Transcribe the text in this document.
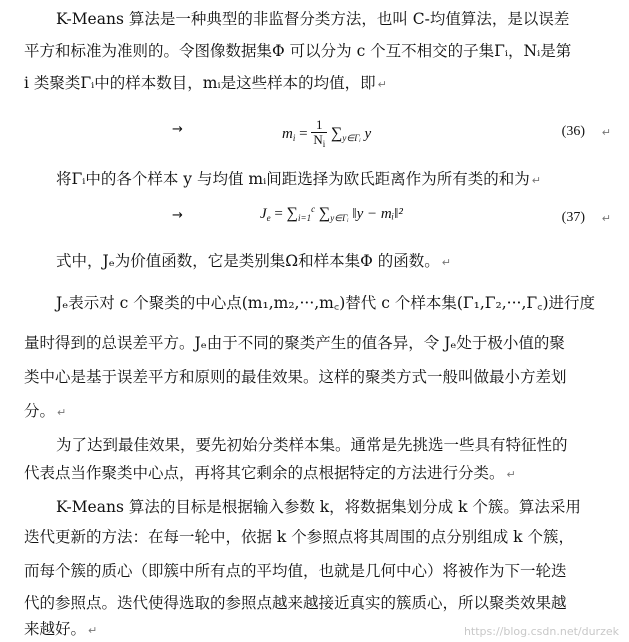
K-Means 算法是一种典型的非监督分类方法，也叫 C-均值算法，是以误差
平方和标准为准则的。令图像数据集Φ 可以分为 c 个互不相交的子集Γᵢ，Nᵢ是第
i 类聚类Γᵢ中的样本数目，mᵢ是这些样本的均值，即 ↵
→	$m_i = \frac{1}{N_i} \sum_{y\in\Gamma ᵢ}$ y	(36) ↵
将Γᵢ中的各个样本 y 与均值 mᵢ间距选择为欧氏距离作为所有类的和为 ↵
→	$J_e = \sum_{i=1}^c$ $\sum_{y\in\Gamma ᵢ}$ ‖y − mᵢ‖²	(37) ↵
式中，Jₑ为价值函数，它是类别集Ω和样本集Φ 的函数。 ↵
Jₑ表示对 c 个聚类的中心点(m₁,m₂,···,m꜀)替代 c 个样本集(Γ₁,Γ₂,···,Γ꜀)进行度
量时得到的总误差平方。Jₑ由于不同的聚类产生的值各异，令 Jₑ处于极小值的聚
类中心是基于误差平方和原则的最佳效果。这样的聚类方式一般叫做最小方差划
分。 ↵
为了达到最佳效果，要先初始分类样本集。通常是先挑选一些具有特征性的
代表点当作聚类中心点，再将其它剩余的点根据特定的方法进行分类。 ↵
K-Means 算法的目标是根据输入参数 k，将数据集划分成 k 个簇。算法采用
迭代更新的方法：在每一轮中，依据 k 个参照点将其周围的点分别组成 k 个簇，
而每个簇的质心（即簇中所有点的平均值，也就是几何中心）将被作为下一轮迭
代的参照点。迭代使得选取的参照点越来越接近真实的簇质心，所以聚类效果越
来越好。 ↵	https://blog.csdn.net/durzek
